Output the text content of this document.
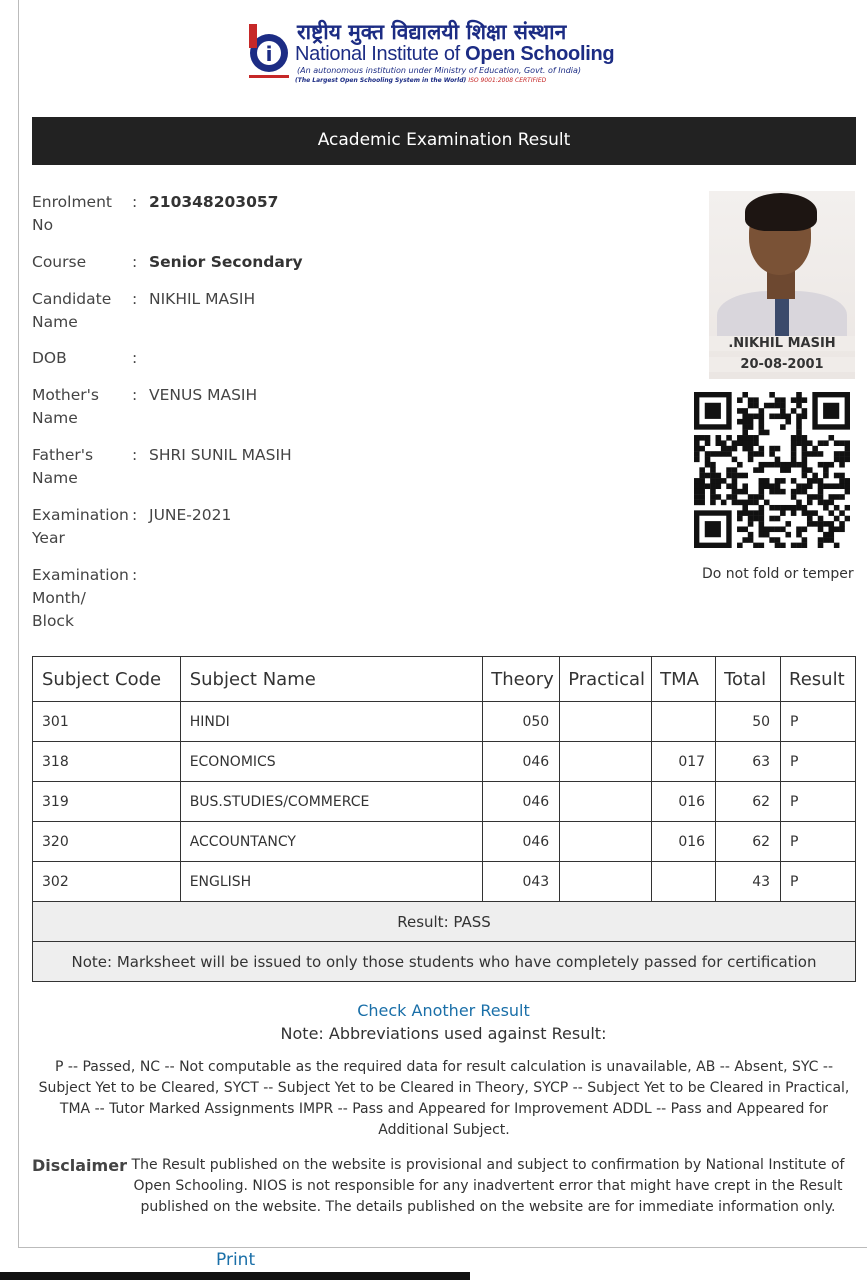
i
राष्ट्रीय मुक्त विद्यालयी शिक्षा संस्थान
National Institute of Open Schooling
(An autonomous institution under Ministry of Education, Govt. of India)
(The Largest Open Schooling System in the World) ISO 9001:2008 CERTIFIED
Academic Examination Result
Enrolment
No
: 210348203057
Course	: Senior Secondary
Candidate
Name
: NIKHIL MASIH
DOB	:
Mother's
Name
: VENUS MASIH
Father's
Name
: SHRI SUNIL MASIH
Examination
Year
: JUNE-2021
Examination
Month/
Block
:
.NIKHIL MASIH
20-08-2001
Do not fold or temper
Subject Code	Subject Name	Theory	Practical	TMA	Total	Result
301	HINDI	050			50	P
318	ECONOMICS	046		017	63	P
319	BUS.STUDIES/COMMERCE	046		016	62	P
320	ACCOUNTANCY	046		016	62	P
302	ENGLISH	043			43	P
Result: PASS						
Note: Marksheet will be issued to only those students who have completely passed for certification						
Check Another Result
Note: Abbreviations used against Result:
P -- Passed, NC -- Not computable as the required data for result calculation is unavailable, AB -- Absent, SYC -- Subject Yet to be Cleared, SYCT -- Subject Yet to be Cleared in Theory, SYCP -- Subject Yet to be Cleared in Practical, TMA -- Tutor Marked Assignments IMPR -- Pass and Appeared for Improvement ADDL -- Pass and Appeared for Additional Subject.
Disclaimer The Result published on the website is provisional and subject to confirmation by National Institute of Open Schooling. NIOS is not responsible for any inadvertent error that might have crept in the Result published on the website. The details published on the website are for immediate information only.
Print
